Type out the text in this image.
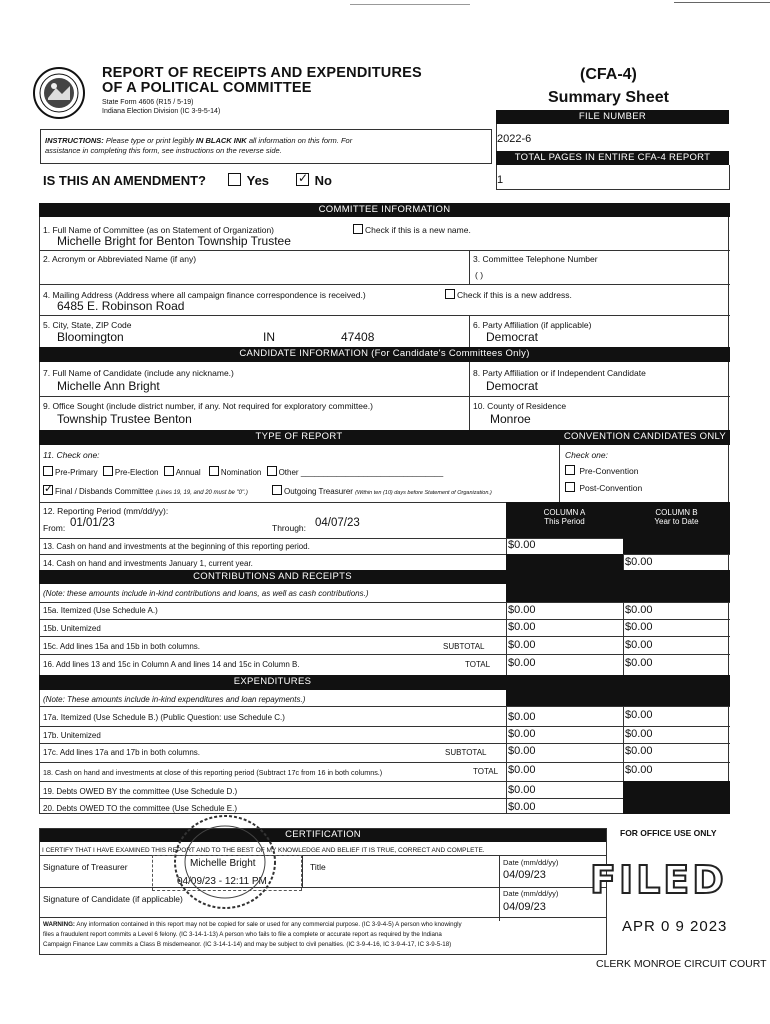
REPORT OF RECEIPTS AND EXPENDITURES
OF A POLITICAL COMMITTEE
State Form 4606 (R15 / 5-19)
Indiana Election Division (IC 3-9-5-14)
(CFA-4)
Summary Sheet
FILE NUMBER
2022-6
TOTAL PAGES IN ENTIRE CFA-4 REPORT
1
INSTRUCTIONS: Please type or print legibly IN BLACK INK all information on this form. For
assistance in completing this form, see instructions on the reverse side.
IS THIS AN AMENDMENT?	Yes
✓	No
COMMITTEE INFORMATION
1. Full Name of Committee (as on Statement of Organization)	Check if this is a new name.
Michelle Bright for Benton Township Trustee
2. Acronym or Abbreviated Name (if any)	3. Committee Telephone Number
( )
4. Mailing Address (Address where all campaign finance correspondence is received.)	Check if this is a new address.
6485 E. Robinson Road
5. City, State, ZIP Code
Bloomington	IN	47408
6. Party Affiliation (if applicable)
Democrat
CANDIDATE INFORMATION (For Candidate's Committees Only)
7. Full Name of Candidate (include any nickname.)
Michelle Ann Bright
8. Party Affiliation or if Independent Candidate
Democrat
9. Office Sought (include district number, if any. Not required for exploratory committee.)
Township Trustee Benton
10. County of Residence
Monroe
TYPE OF REPORT	CONVENTION CANDIDATES ONLY
11. Check one:
Pre-Primary Pre-Election Annual	Nomination Other ________________________________
✓Final / Disbands Committee (Lines 19, 19, and 20 must be "0".)	Outgoing Treasurer (Within ten (10) days before Statement of Organization.)
Check one:
Pre-Convention
Post-Convention
12. Reporting Period (mm/dd/yy):
From: 01/01/23	Through: 04/07/23
COLUMN A
This Period
COLUMN B
Year to Date
13. Cash on hand and investments at the beginning of this reporting period.	$0.00
14. Cash on hand and investments January 1, current year.	$0.00
CONTRIBUTIONS AND RECEIPTS
(Note: these amounts include in-kind contributions and loans, as well as cash contributions.)
15a. Itemized (Use Schedule A.)	$0.00	$0.00
15b. Unitemized	$0.00	$0.00
15c. Add lines 15a and 15b in both columns.	SUBTOTAL $0.00	$0.00
16. Add lines 13 and 15c in Column A and lines 14 and 15c in Column B.	TOTAL $0.00	$0.00
EXPENDITURES
(Note: These amounts include in-kind expenditures and loan repayments.)
17a. Itemized (Use Schedule B.) (Public Question: use Schedule C.)	$0.00	$0.00
17b. Unitemized	$0.00	$0.00
17c. Add lines 17a and 17b in both columns.	SUBTOTAL $0.00	$0.00
18. Cash on hand and investments at close of this reporting period (Subtract 17c from 16 in both columns.)	TOTAL $0.00	$0.00
19. Debts OWED BY the committee (Use Schedule D.)	$0.00
20. Debts OWED TO the committee (Use Schedule E.)	$0.00
CERTIFICATION
I CERTIFY THAT I HAVE EXAMINED THIS REPORT AND TO THE BEST OF MY KNOWLEDGE AND BELIEF IT IS TRUE, CORRECT AND COMPLETE.
Signature of Treasurer	Michelle Bright
04/09/23 - 12:11 PM
Title	Date (mm/dd/yy)
04/09/23
Signature of Candidate (if applicable)
Date (mm/dd/yy)
04/09/23
WARNING: Any information contained in this report may not be copied for sale or used for any commercial purpose. (IC 3-9-4-5) A person who knowingly
files a fraudulent report commits a Level 6 felony. (IC 3-14-1-13) A person who fails to file a complete or accurate report as required by the Indiana
Campaign Finance Law commits a Class B misdemeanor. (IC 3-14-1-14) and may be subject to civil penalties. (IC 3-9-4-16, IC 3-9-4-17, IC 3-9-5-18)
FOR OFFICE USE ONLY
FILED
APR 0 9 2023
CLERK MONROE CIRCUIT COURT
